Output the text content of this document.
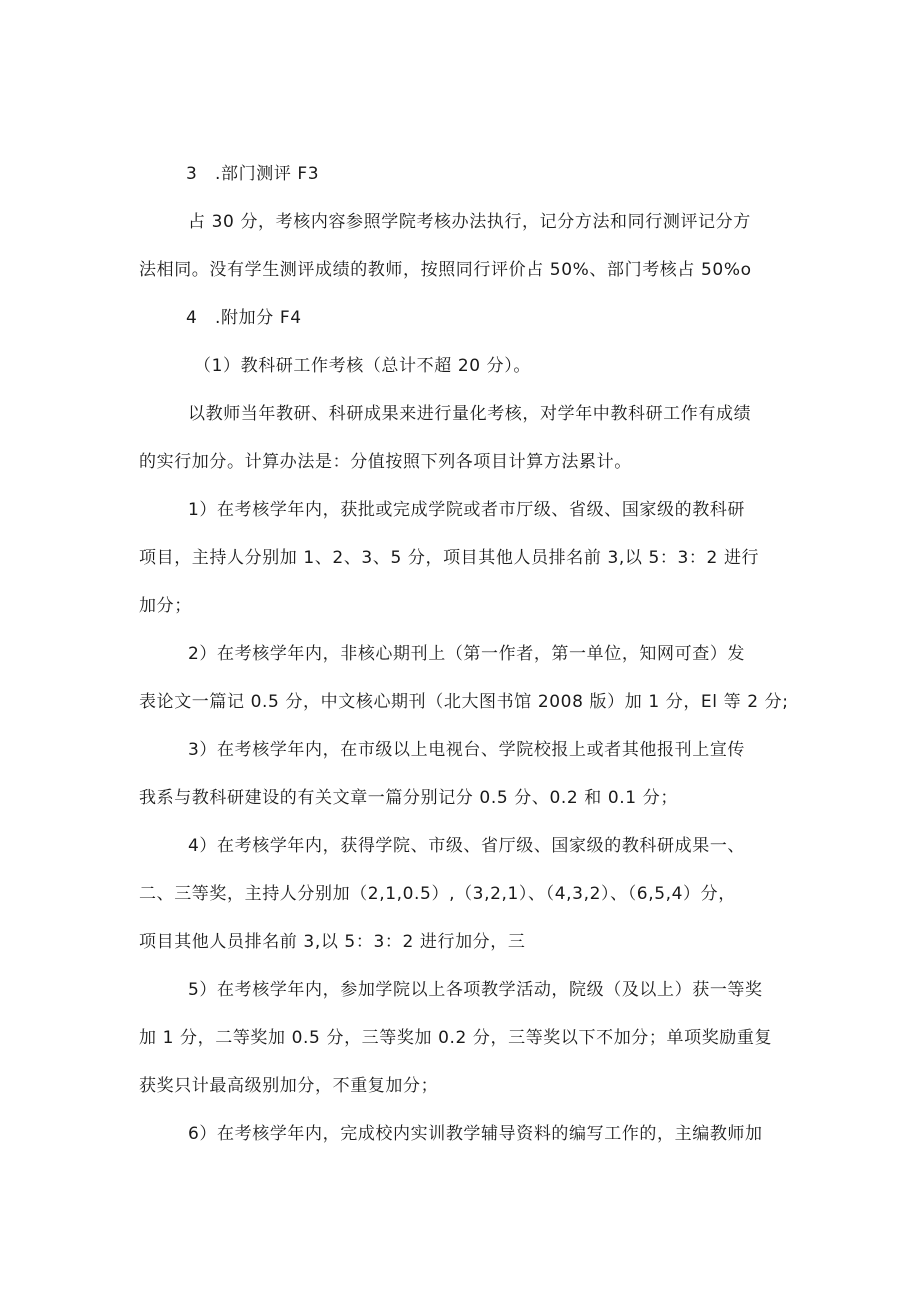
3　.部门测评 F3
占 30 分，考核内容参照学院考核办法执行，记分方法和同行测评记分方
法相同。没有学生测评成绩的教师，按照同行评价占 50%、部门考核占 50%o
4　.附加分 F4
（1）教科研工作考核（总计不超 20 分）。
以教师当年教研、科研成果来进行量化考核，对学年中教科研工作有成绩
的实行加分。计算办法是：分值按照下列各项目计算方法累计。
1）在考核学年内，获批或完成学院或者市厅级、省级、国家级的教科研
项目，主持人分别加 1、2、3、5 分，项目其他人员排名前 3,以 5：3：2 进行
加分；
2）在考核学年内，非核心期刊上（第一作者，第一单位，知网可查）发
表论文一篇记 0.5 分，中文核心期刊（北大图书馆 2008 版）加 1 分，El 等 2 分;
3）在考核学年内，在市级以上电视台、学院校报上或者其他报刊上宣传
我系与教科研建设的有关文章一篇分别记分 0.5 分、0.2 和 0.1 分；
4）在考核学年内，获得学院、市级、省厅级、国家级的教科研成果一、
二、三等奖，主持人分别加（2,1,0.5）,（3,2,1）、（4,3,2）、（6,5,4）分，
项目其他人员排名前 3,以 5：3：2 进行加分，三
5）在考核学年内，参加学院以上各项教学活动，院级（及以上）获一等奖
加 1 分，二等奖加 0.5 分，三等奖加 0.2 分，三等奖以下不加分；单项奖励重复
获奖只计最高级别加分，不重复加分；
6）在考核学年内，完成校内实训教学辅导资料的编写工作的，主编教师加
